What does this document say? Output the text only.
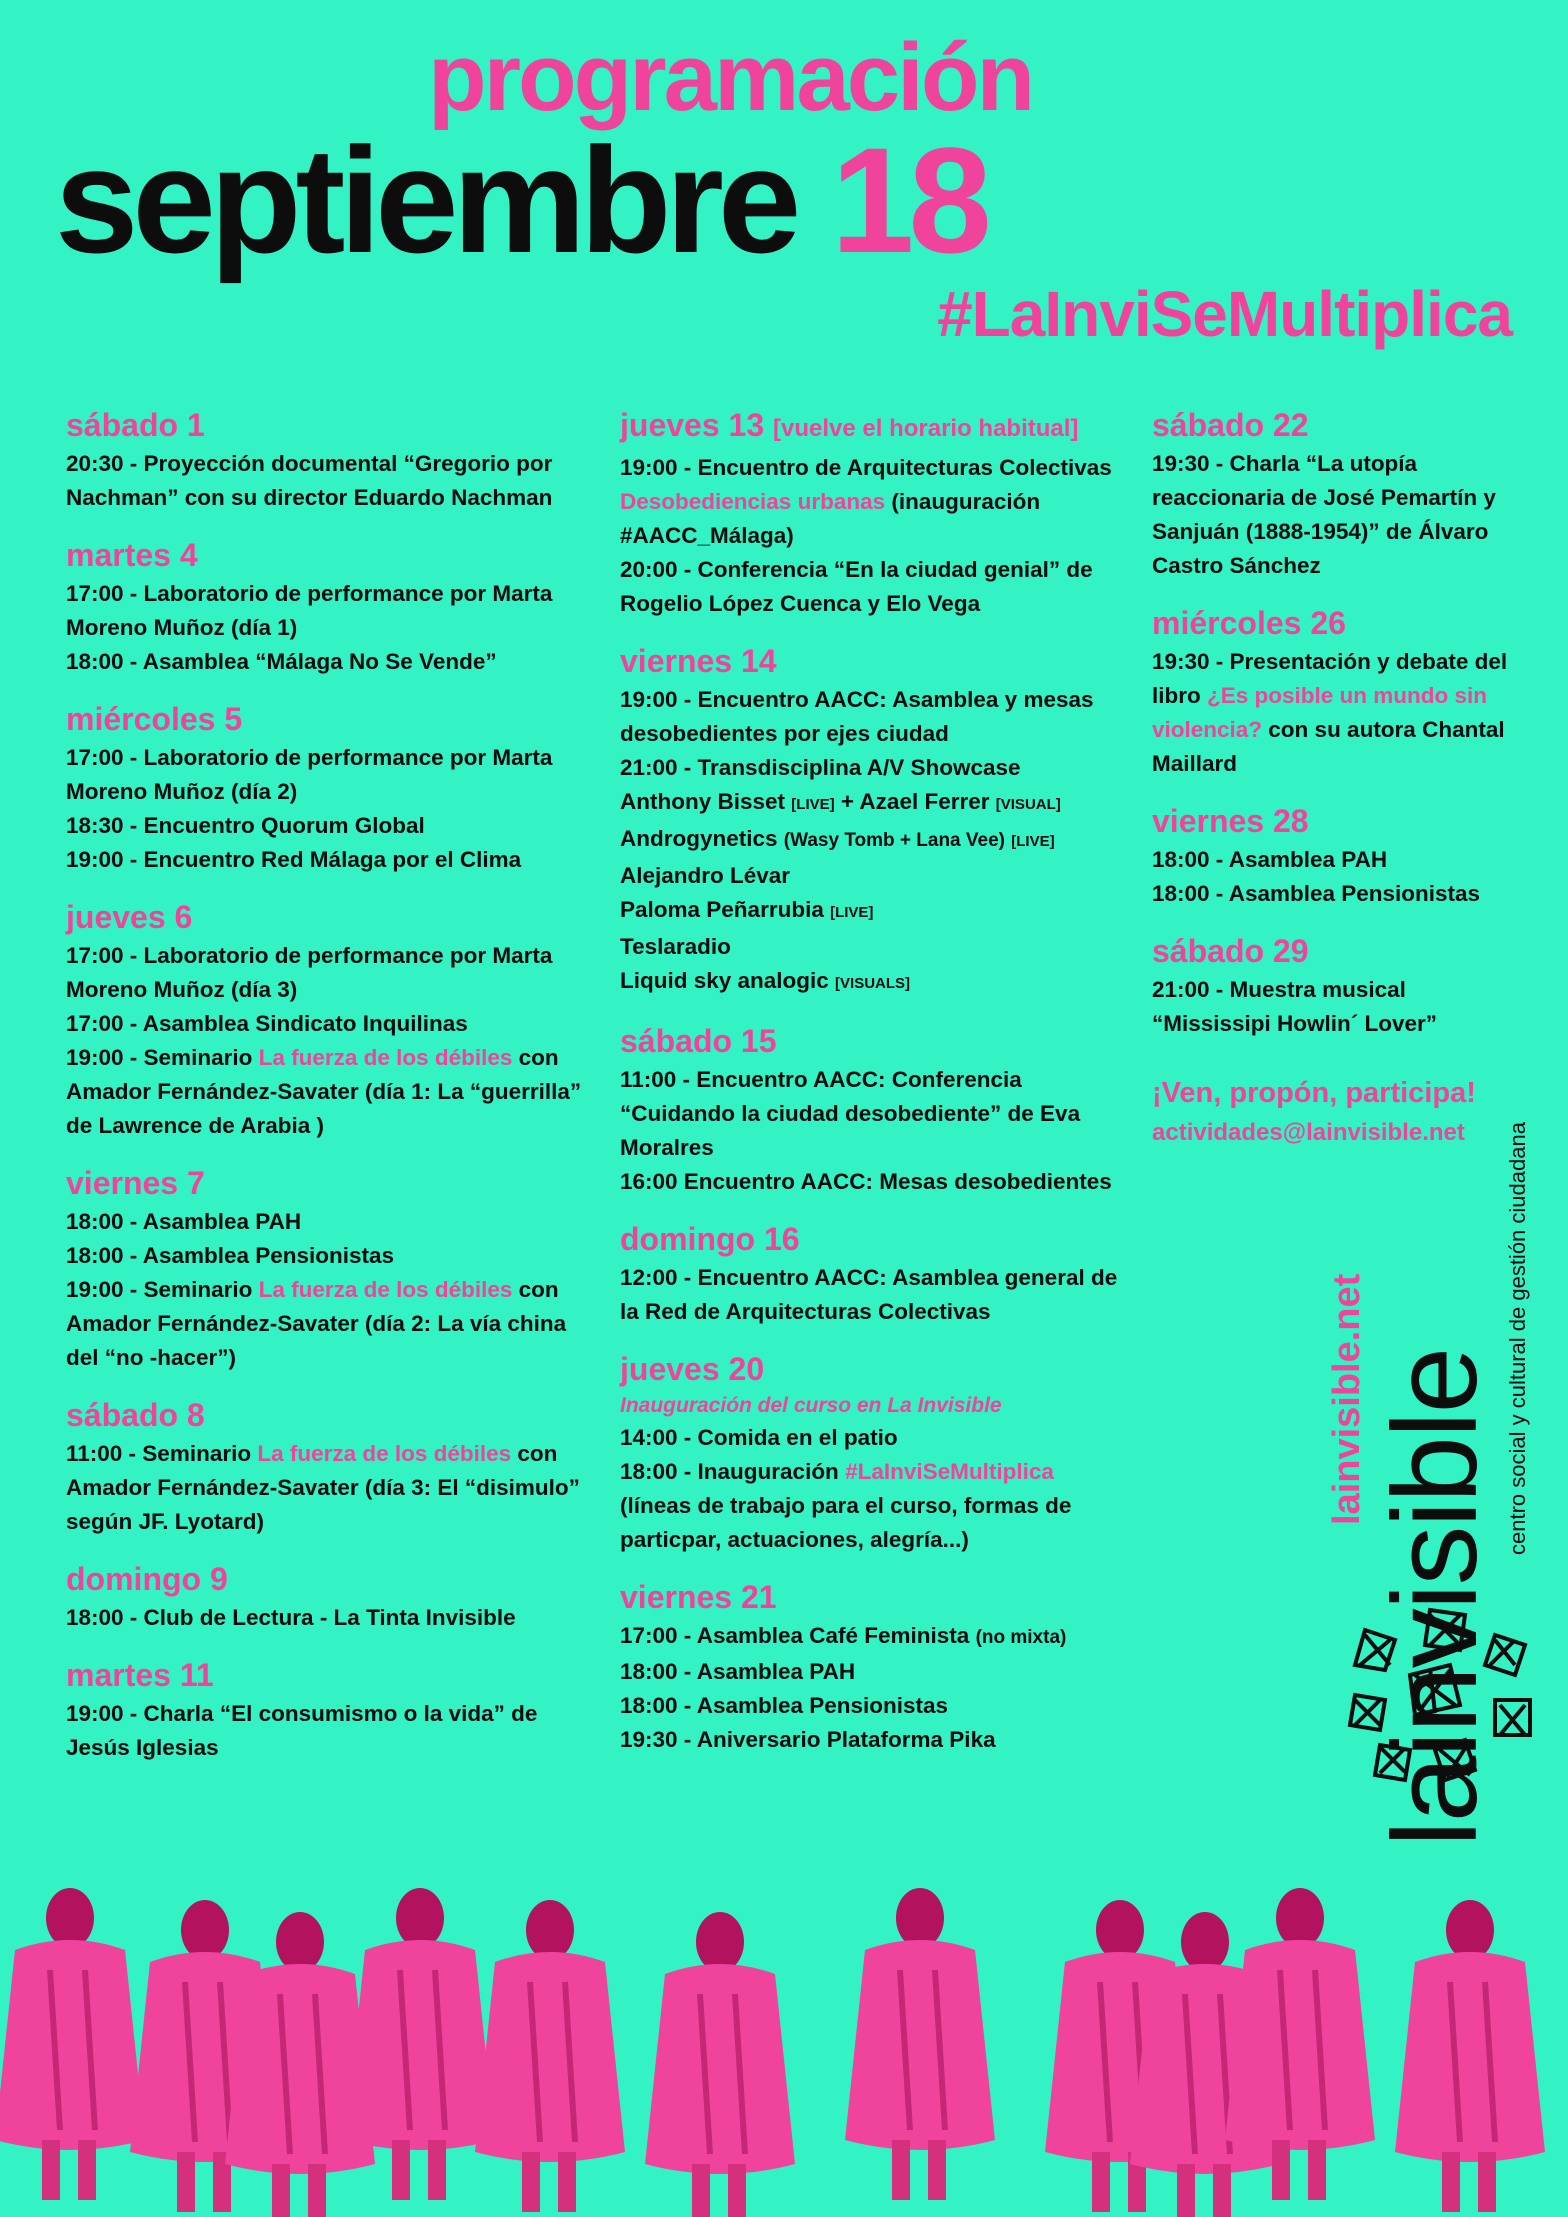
programación
septiembre 18
#LaInviSeMultiplica
sábado 1

20:30 - Proyección documental “Gregorio por Nachman” con su director Eduardo Nachman

martes 4

17:00 - Laboratorio de performance por Marta Moreno Muñoz (día 1)

18:00 - Asamblea “Málaga No Se Vende”

miércoles 5

17:00 - Laboratorio de performance por Marta Moreno Muñoz (día 2)

18:30 - Encuentro Quorum Global

19:00 - Encuentro Red Málaga por el Clima

jueves 6

17:00 - Laboratorio de performance por Marta Moreno Muñoz (día 3)

17:00 - Asamblea Sindicato Inquilinas

19:00 - Seminario La fuerza de los débiles con Amador Fernández-Savater (día 1: La “guerrilla” de Lawrence de Arabia )

viernes 7

18:00 - Asamblea PAH

18:00 - Asamblea Pensionistas

19:00 - Seminario La fuerza de los débiles con Amador Fernández-Savater (día 2: La vía china del “no -hacer”)

sábado 8

11:00 - Seminario La fuerza de los débiles con Amador Fernández-Savater (día 3: El “disimulo” según JF. Lyotard)

domingo 9

18:00 - Club de Lectura - La Tinta Invisible

martes 11

19:00 - Charla “El consumismo o la vida” de Jesús Iglesias

jueves 13 [vuelve el horario habitual]

19:00 - Encuentro de Arquitecturas Colectivas Desobediencias urbanas (inauguración #AACC_Málaga)

20:00 - Conferencia “En la ciudad genial” de Rogelio López Cuenca y Elo Vega

viernes 14

19:00 - Encuentro AACC: Asamblea y mesas desobedientes por ejes ciudad

21:00 - Transdisciplina A/V Showcase

Anthony Bisset [LIVE] + Azael Ferrer [VISUAL]

Androgynetics (Wasy Tomb + Lana Vee) [LIVE]

Alejandro Lévar

Paloma Peñarrubia [LIVE]

Teslaradio

Liquid sky analogic [VISUALS]

sábado 15

11:00 - Encuentro AACC: Conferencia “Cuidando la ciudad desobediente” de Eva Moralres

16:00 Encuentro AACC: Mesas desobedientes

domingo 16

12:00 - Encuentro AACC: Asamblea general de la Red de Arquitecturas Colectivas

jueves 20
Inauguración del curso en La Invisible

14:00 - Comida en el patio

18:00 - Inauguración #LaInviSeMultiplica

(líneas de trabajo para el curso, formas de particpar, actuaciones, alegría...)

viernes 21

17:00 - Asamblea Café Feminista (no mixta)

18:00 - Asamblea PAH

18:00 - Asamblea Pensionistas

19:30 - Aniversario Plataforma Pika

sábado 22

19:30 - Charla “La utopía reaccionaria de José Pemartín y Sanjuán (1888-1954)” de Álvaro Castro Sánchez

miércoles 26

19:30 - Presentación y debate del libro ¿Es posible un mundo sin violencia? con su autora Chantal Maillard

viernes 28

18:00 - Asamblea PAH

18:00 - Asamblea Pensionistas

sábado 29

21:00 - Muestra musical “Mississipi Howlin´ Lover”

¡Ven, propón, participa!
actividades@lainvisible.net
lainvisible.net lainvisible
centro social y cultural de gestión ciudadana
